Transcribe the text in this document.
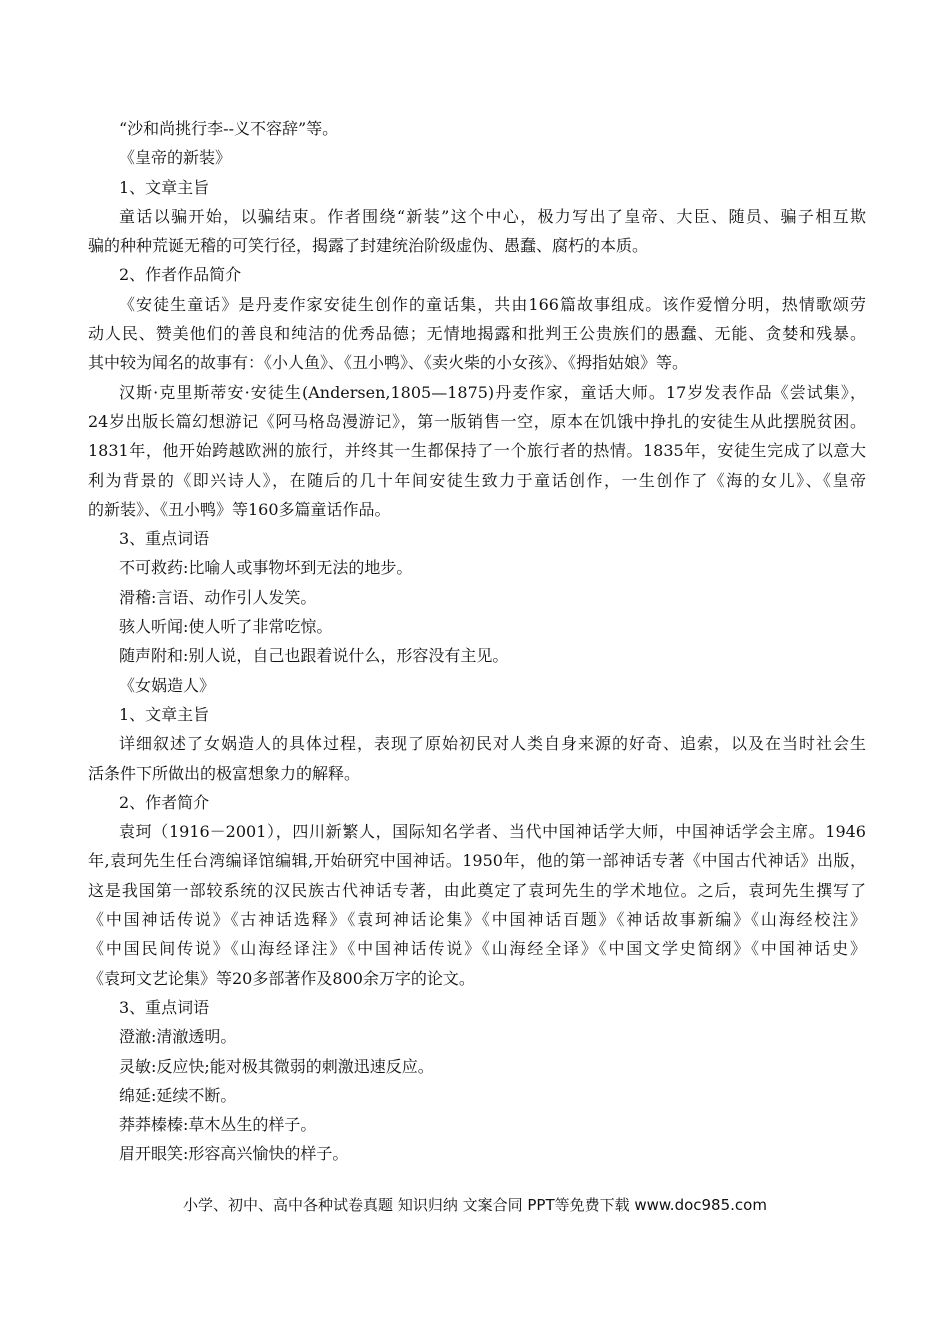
“沙和尚挑行李--义不容辞”等。
《皇帝的新装》
1、文章主旨
童话以骗开始，以骗结束。作者围绕“新装”这个中心，极力写出了皇帝、大臣、随员、骗子相互欺
骗的种种荒诞无稽的可笑行径，揭露了封建统治阶级虚伪、愚蠢、腐朽的本质。
2、作者作品简介
《安徒生童话》是丹麦作家安徒生创作的童话集，共由166篇故事组成。该作爱憎分明，热情歌颂劳
动人民、赞美他们的善良和纯洁的优秀品德；无情地揭露和批判王公贵族们的愚蠢、无能、贪婪和残暴。
其中较为闻名的故事有：《小人鱼》、《丑小鸭》、《卖火柴的小女孩》、《拇指姑娘》等。
汉斯·克里斯蒂安·安徒生(Andersen,1805—1875)丹麦作家，童话大师。17岁发表作品《尝试集》，
24岁出版长篇幻想游记《阿马格岛漫游记》，第一版销售一空，原本在饥饿中挣扎的安徒生从此摆脱贫困。
1831年，他开始跨越欧洲的旅行，并终其一生都保持了一个旅行者的热情。1835年，安徒生完成了以意大
利为背景的《即兴诗人》，在随后的几十年间安徒生致力于童话创作，一生创作了《海的女儿》、《皇帝
的新装》、《丑小鸭》等160多篇童话作品。
3、重点词语
不可救药:比喻人或事物坏到无法的地步。
滑稽:言语、动作引人发笑。
骇人听闻:使人听了非常吃惊。
随声附和:别人说，自己也跟着说什么，形容没有主见。
《女娲造人》
1、文章主旨
详细叙述了女娲造人的具体过程，表现了原始初民对人类自身来源的好奇、追索，以及在当时社会生
活条件下所做出的极富想象力的解释。
2、作者简介
袁珂（1916－2001），四川新繁人，国际知名学者、当代中国神话学大师，中国神话学会主席。1946
年,袁珂先生任台湾编译馆编辑,开始研究中国神话。1950年，他的第一部神话专著《中国古代神话》出版，
这是我国第一部较系统的汉民族古代神话专著，由此奠定了袁珂先生的学术地位。之后，袁珂先生撰写了
《中国神话传说》《古神话选释》《袁珂神话论集》《中国神话百题》《神话故事新编》《山海经校注》
《中国民间传说》《山海经译注》《中国神话传说》《山海经全译》《中国文学史简纲》《中国神话史》
《袁珂文艺论集》等20多部著作及800余万字的论文。
3、重点词语
澄澈:清澈透明。
灵敏:反应快;能对极其微弱的刺激迅速反应。
绵延:延续不断。
莽莽榛榛:草木丛生的样子。
眉开眼笑:形容高兴愉快的样子。
小学、初中、高中各种试卷真题 知识归纳 文案合同 PPT等免费下载 www.doc985.com
